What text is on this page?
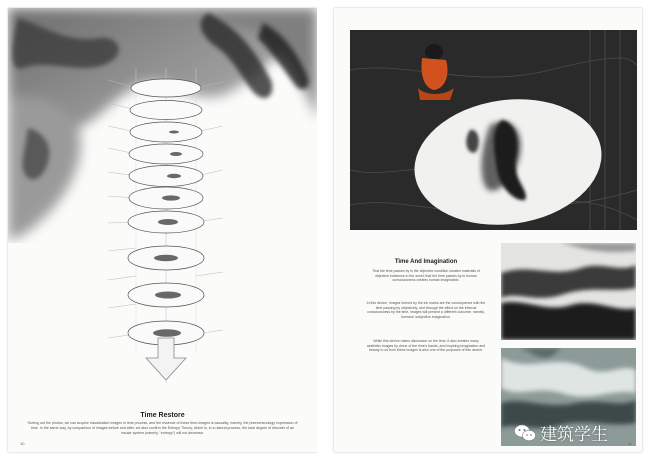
Time Restore
Sorting out the photos, we can acquire visualization images in time process, and the essence of these time-images is causality, namely, the phenomenology expression of time. In the same way, by comparison of images before and after, we also confirm the Entropy Theory, which is, in a natural process, the total degree of disorder of an insular system (namely, "entropy") will not decrease.
10
Time And Imagination
That the time passes by is the objective condition creates materials of objective existence in the world; that the time passes by in human consciousness creates human imagination.
In this device, images formed by the ink marks are the consequence with the time passing by objectively, and through the effect on the internal consciousness by the time, images will present a different outcome, namely, humans' subjective imagination.
While this device raises discussion on the time, it also creates many aesthetic images by virtue of the time's hands, and inspiring imagination and beauty to us from these images is also one of the purposes of this device.
建筑学生	11
